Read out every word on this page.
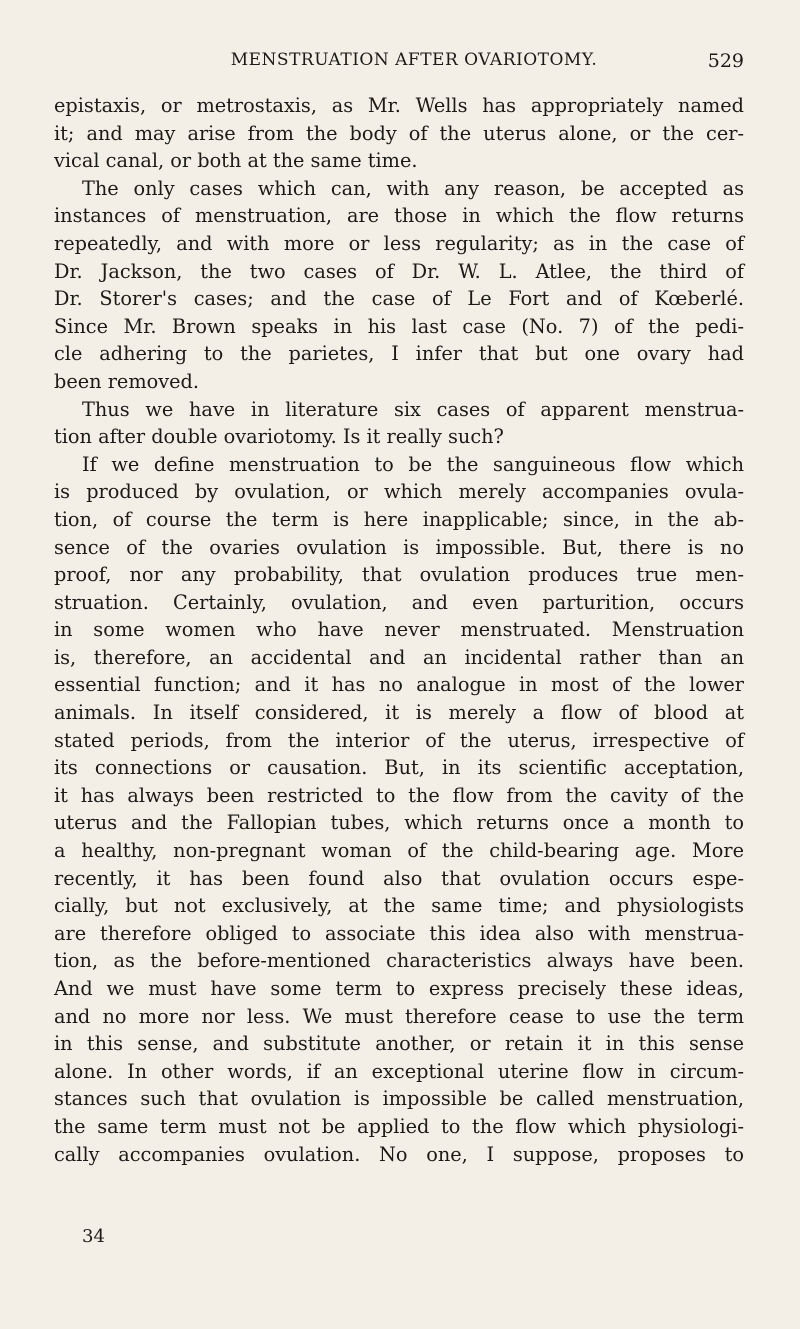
MENSTRUATION AFTER OVARIOTOMY.	529
epistaxis, or metrostaxis, as Mr. Wells has appropriately named
it; and may arise from the body of the uterus alone, or the cer-
vical canal, or both at the same time.
The only cases which can, with any reason, be accepted as
instances of menstruation, are those in which the flow returns
repeatedly, and with more or less regularity; as in the case of
Dr. Jackson, the two cases of Dr. W. L. Atlee, the third of
Dr. Storer's cases; and the case of Le Fort and of Kœberlé.
Since Mr. Brown speaks in his last case (No. 7) of the pedi-
cle adhering to the parietes, I infer that but one ovary had
been removed.
Thus we have in literature six cases of apparent menstrua-
tion after double ovariotomy. Is it really such?
If we define menstruation to be the sanguineous flow which
is produced by ovulation, or which merely accompanies ovula-
tion, of course the term is here inapplicable; since, in the ab-
sence of the ovaries ovulation is impossible. But, there is no
proof, nor any probability, that ovulation produces true men-
struation. Certainly, ovulation, and even parturition, occurs
in some women who have never menstruated. Menstruation
is, therefore, an accidental and an incidental rather than an
essential function; and it has no analogue in most of the lower
animals. In itself considered, it is merely a flow of blood at
stated periods, from the interior of the uterus, irrespective of
its connections or causation. But, in its scientific acceptation,
it has always been restricted to the flow from the cavity of the
uterus and the Fallopian tubes, which returns once a month to
a healthy, non-pregnant woman of the child-bearing age. More
recently, it has been found also that ovulation occurs espe-
cially, but not exclusively, at the same time; and physiologists
are therefore obliged to associate this idea also with menstrua-
tion, as the before-mentioned characteristics always have been.
And we must have some term to express precisely these ideas,
and no more nor less. We must therefore cease to use the term
in this sense, and substitute another, or retain it in this sense
alone. In other words, if an exceptional uterine flow in circum-
stances such that ovulation is impossible be called menstruation,
the same term must not be applied to the flow which physiologi-
cally accompanies ovulation. No one, I suppose, proposes to
34
